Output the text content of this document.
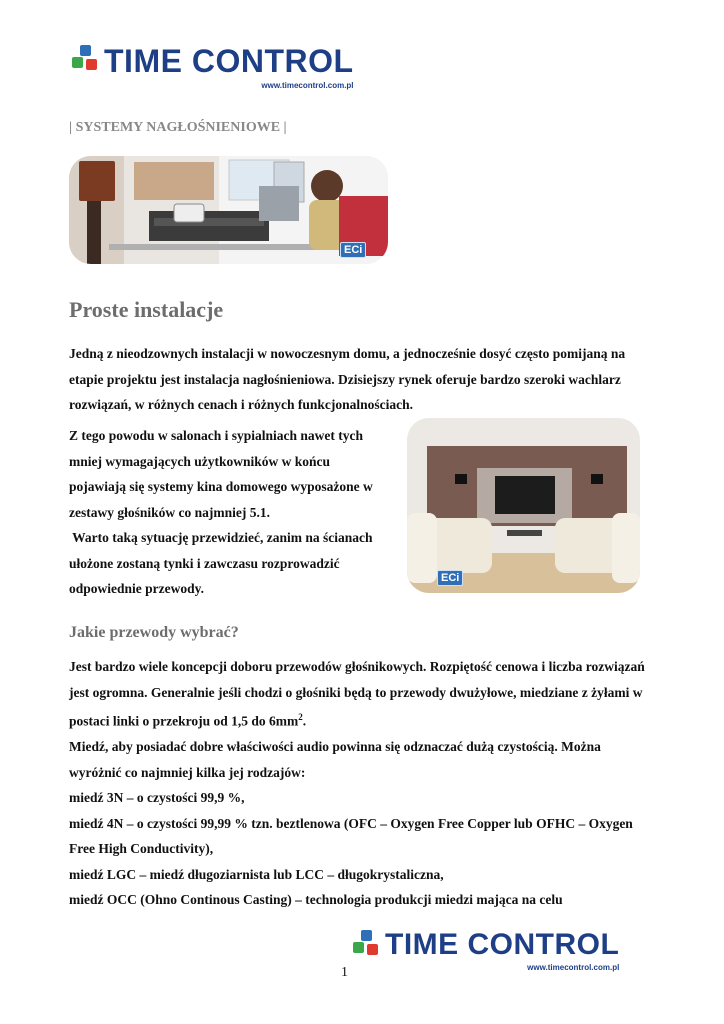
TIME CONTROL
www.timecontrol.com.pl
| SYSTEMY NAGŁOŚNIENIOWE |
ECi
Proste instalacje

Jedną z nieodzownych instalacji w nowoczesnym domu, a jednocześnie dosyć często pomijaną na etapie projektu jest instalacja nagłośnieniowa. Dzisiejszy rynek oferuje bardzo szeroki wachlarz rozwiązań, w różnych cenach i różnych funkcjonalnościach.

Z tego powodu w salonach i sypialniach nawet tych
mniej wymagających użytkowników w końcu
pojawiają się systemy kina domowego wyposażone w
zestawy głośników co najmniej 5.1.
Warto taką sytuację przewidzieć, zanim na ścianach
ułożone zostaną tynki i zawczasu rozprowadzić
odpowiednie przewody.
ECi
Jakie przewody wybrać?

Jest bardzo wiele koncepcji doboru przewodów głośnikowych. Rozpiętość cenowa i liczba rozwiązań jest ogromna. Generalnie jeśli chodzi o głośniki będą to przewody dwużyłowe, miedziane z żyłami w postaci linki o przekroju od 1,5 do $6mm^2$.

Miedź, aby posiadać dobre właściwości audio powinna się odznaczać dużą czystością. Można wyróżnić co najmniej kilka jej rodzajów:

miedź 3N – o czystości 99,9 %,

miedź 4N – o czystości 99,99 % tzn. beztlenowa (OFC – Oxygen Free Copper lub OFHC – Oxygen Free High Conductivity),

miedź LGC – miedź długoziarnista lub LCC – długokrystaliczna,

miedź OCC (Ohno Continous Casting) – technologia produkcji miedzi mająca na celu

1
TIME CONTROL
www.timecontrol.com.pl
